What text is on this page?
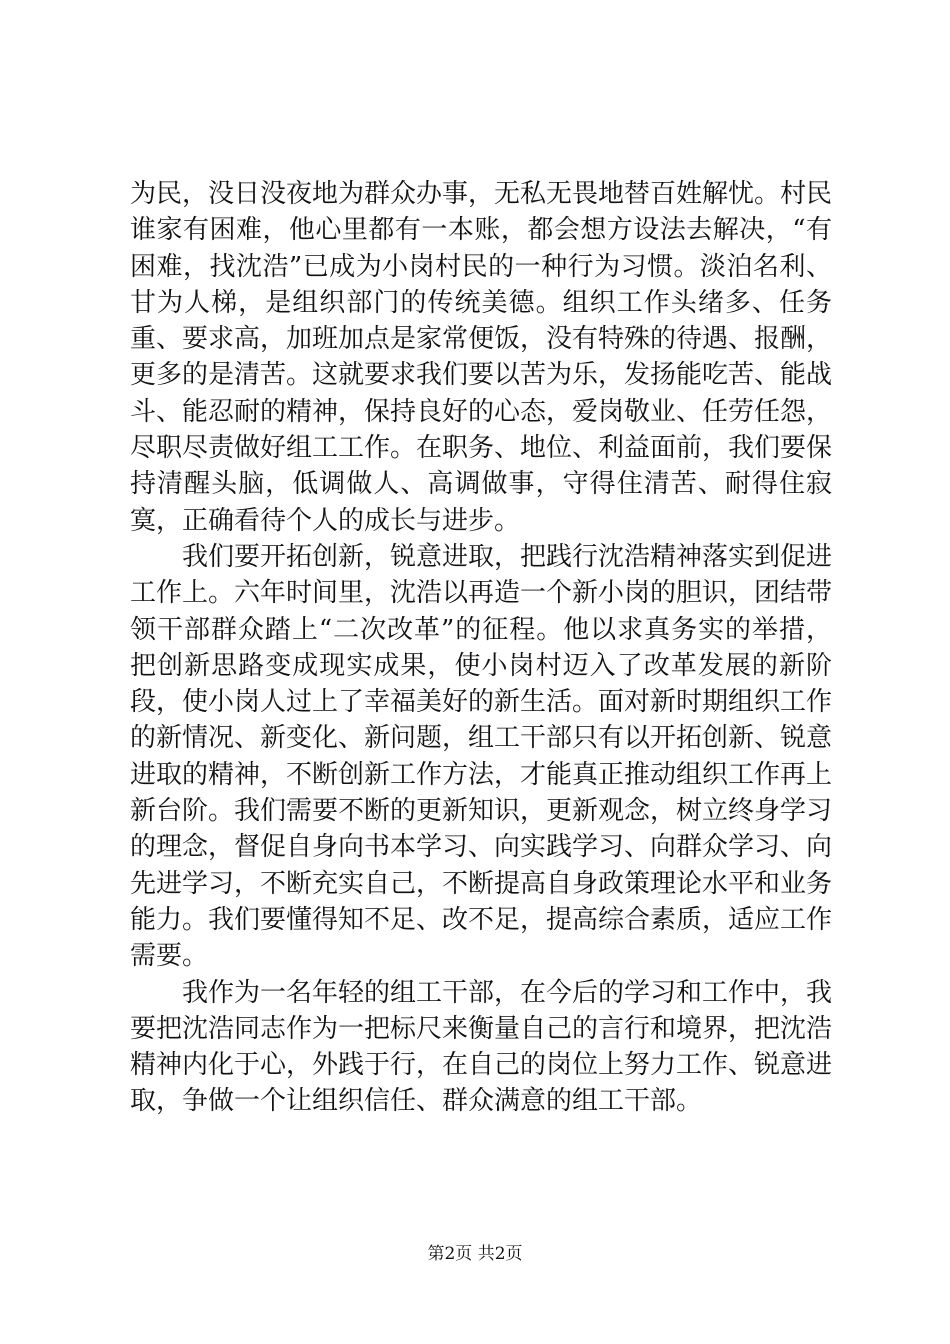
为民，没日没夜地为群众办事，无私无畏地替百姓解忧。村民谁家有困难，他心里都有一本账，都会想方设法去解决，“有困难，找沈浩”已成为小岗村民的一种行为习惯。淡泊名利、甘为人梯，是组织部门的传统美德。组织工作头绪多、任务重、要求高，加班加点是家常便饭，没有特殊的待遇、报酬，更多的是清苦。这就要求我们要以苦为乐，发扬能吃苦、能战斗、能忍耐的精神，保持良好的心态，爱岗敬业、任劳任怨，尽职尽责做好组工工作。在职务、地位、利益面前，我们要保持清醒头脑，低调做人、高调做事，守得住清苦、耐得住寂寞，正确看待个人的成长与进步。

我们要开拓创新，锐意进取，把践行沈浩精神落实到促进工作上。六年时间里，沈浩以再造一个新小岗的胆识，团结带领干部群众踏上“二次改革”的征程。他以求真务实的举措，把创新思路变成现实成果，使小岗村迈入了改革发展的新阶段，使小岗人过上了幸福美好的新生活。面对新时期组织工作的新情况、新变化、新问题，组工干部只有以开拓创新、锐意进取的精神，不断创新工作方法，才能真正推动组织工作再上新台阶。我们需要不断的更新知识，更新观念，树立终身学习的理念，督促自身向书本学习、向实践学习、向群众学习、向先进学习，不断充实自己，不断提高自身政策理论水平和业务能力。我们要懂得知不足、改不足，提高综合素质，适应工作需要。

我作为一名年轻的组工干部，在今后的学习和工作中，我要把沈浩同志作为一把标尺来衡量自己的言行和境界，把沈浩精神内化于心，外践于行，在自己的岗位上努力工作、锐意进取，争做一个让组织信任、群众满意的组工干部。

第2页 共2页
